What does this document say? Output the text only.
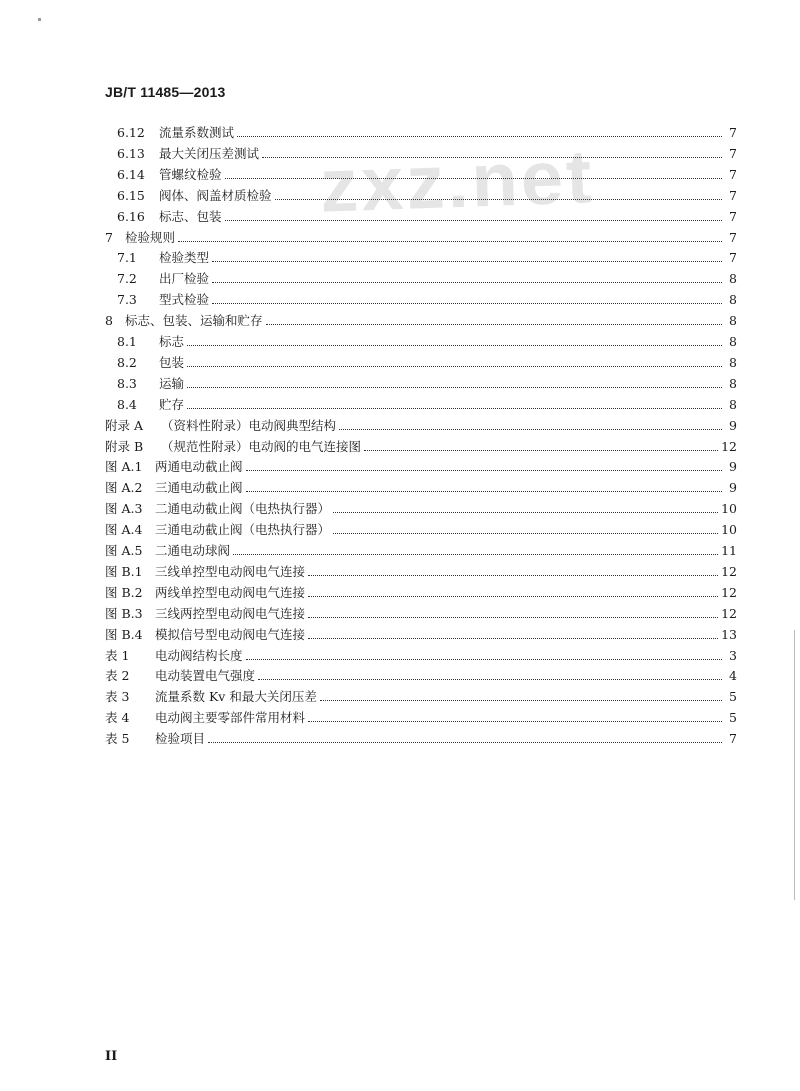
JB/T 11485—2013
zxz.net
6.12	流量系数测试	7
6.13	最大关闭压差测试	7
6.14	管螺纹检验	7
6.15	阀体、阀盖材质检验	7
6.16	标志、包装	7
7 检验规则	7
7.1	检验类型	7
7.2	出厂检验	8
7.3	型式检验	8
8 标志、包装、运输和贮存	8
8.1	标志	8
8.2	包装	8
8.3	运输	8
8.4	贮存	8
附录 A	（资料性附录）电动阀典型结构	9
附录 B	（规范性附录）电动阀的电气连接图	12
图 A.1	两通电动截止阀	9
图 A.2	三通电动截止阀	9
图 A.3	二通电动截止阀（电热执行器）	10
图 A.4	三通电动截止阀（电热执行器）	10
图 A.5	二通电动球阀	11
图 B.1 三线单控型电动阀电气连接	12
图 B.2 两线单控型电动阀电气连接	12
图 B.3 三线两控型电动阀电气连接	12
图 B.4 模拟信号型电动阀电气连接	13
表 1	电动阀结构长度	3
表 2	电动装置电气强度	4
表 3	流量系数 Kv 和最大关闭压差	5
表 4	电动阀主要零部件常用材料	5
表 5	检验项目	7
II
